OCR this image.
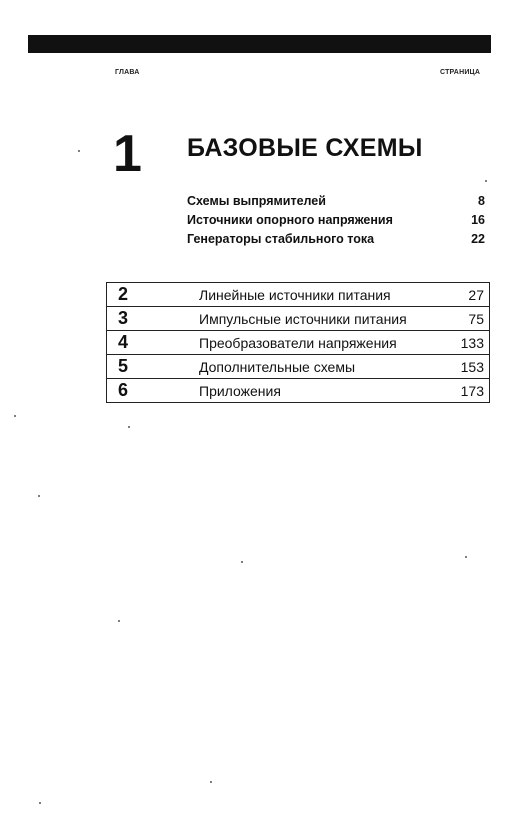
ГЛАВА	СТРАНИЦА
1 БАЗОВЫЕ СХЕМЫ
Схемы выпрямителей	8
Источники опорного напряжения	16
Генераторы стабильного тока	22
2	Линейные источники питания	27
3	Импульсные источники питания	75
4	Преобразователи напряжения	133
5	Дополнительные схемы	153
6	Приложения	173
